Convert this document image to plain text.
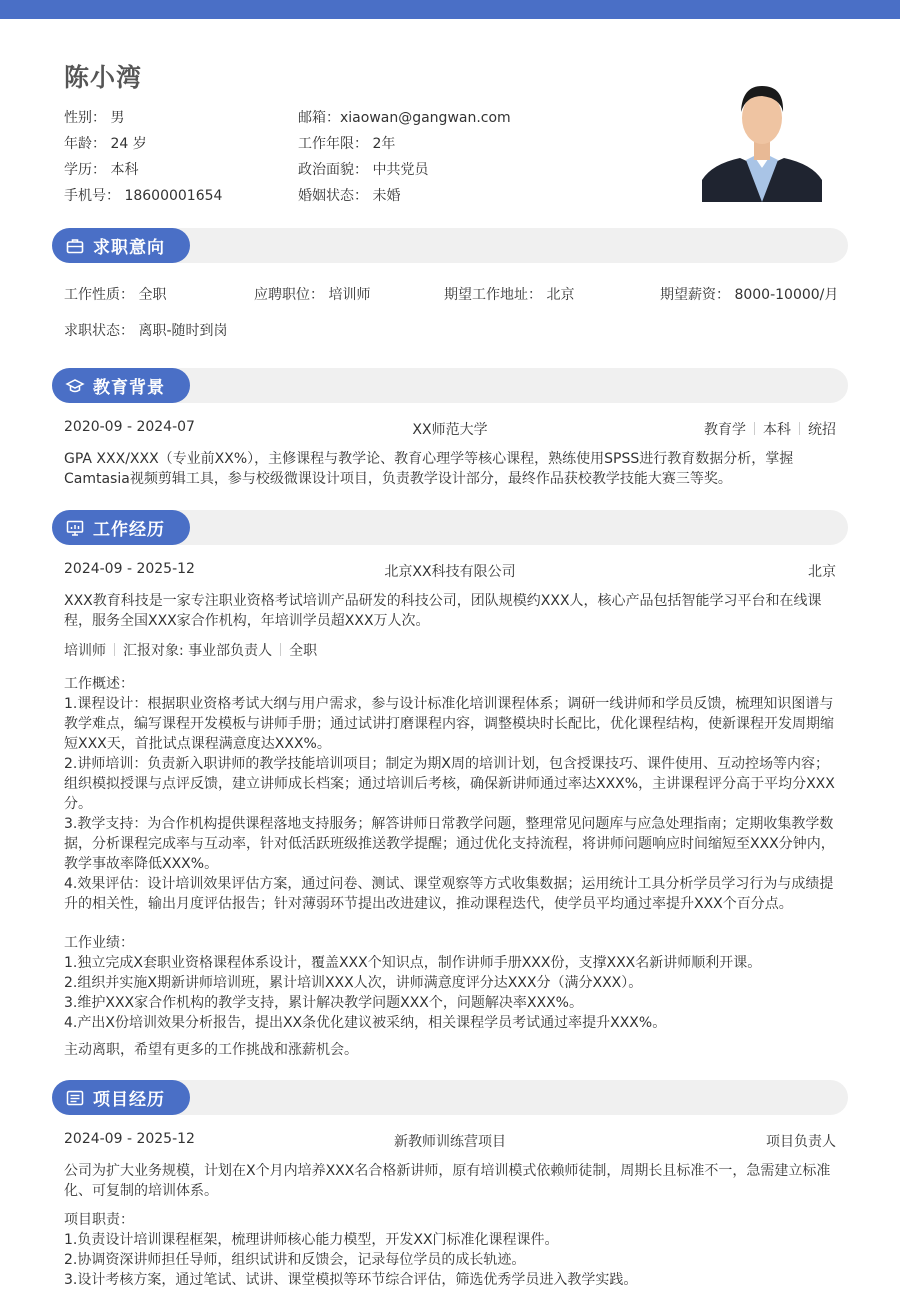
陈小湾
性别： 男
年龄： 24 岁
学历： 本科
手机号： 18600001654
邮箱：xiaowan@gangwan.com
工作年限： 2年
政治面貌： 中共党员
婚姻状态： 未婚
求职意向
工作性质： 全职	应聘职位： 培训师	期望工作地址： 北京	期望薪资： 8000-10000/月
求职状态： 离职-随时到岗
教育背景
2020-09 - 2024-07	XX师范大学	教育学 本科 统招
GPA XXX/XXX（专业前XX%），主修课程与教学论、教育心理学等核心课程，熟练使用SPSS进行教育数据分析，掌握Camtasia视频剪辑工具，参与校级微课设计项目，负责教学设计部分，最终作品获校教学技能大赛三等奖。
工作经历
2024-09 - 2025-12	北京XX科技有限公司	北京
XXX教育科技是一家专注职业资格考试培训产品研发的科技公司，团队规模约XXX人，核心产品包括智能学习平台和在线课程，服务全国XXX家合作机构，年培训学员超XXX万人次。
培训师 汇报对象: 事业部负责人 全职
工作概述：
1.课程设计：根据职业资格考试大纲与用户需求，参与设计标准化培训课程体系；调研一线讲师和学员反馈，梳理知识图谱与教学难点，编写课程开发模板与讲师手册；通过试讲打磨课程内容，调整模块时长配比，优化课程结构，使新课程开发周期缩短XXX天，首批试点课程满意度达XXX%。
2.讲师培训：负责新入职讲师的教学技能培训项目；制定为期X周的培训计划，包含授课技巧、课件使用、互动控场等内容；组织模拟授课与点评反馈，建立讲师成长档案；通过培训后考核，确保新讲师通过率达XXX%，主讲课程评分高于平均分XXX分。
3.教学支持：为合作机构提供课程落地支持服务；解答讲师日常教学问题，整理常见问题库与应急处理指南；定期收集教学数据，分析课程完成率与互动率，针对低活跃班级推送教学提醒；通过优化支持流程，将讲师问题响应时间缩短至XXX分钟内，教学事故率降低XXX%。
4.效果评估：设计培训效果评估方案，通过问卷、测试、课堂观察等方式收集数据；运用统计工具分析学员学习行为与成绩提升的相关性，输出月度评估报告；针对薄弱环节提出改进建议，推动课程迭代，使学员平均通过率提升XXX个百分点。
工作业绩：
1.独立完成X套职业资格课程体系设计，覆盖XXX个知识点，制作讲师手册XXX份，支撑XXX名新讲师顺利开课。
2.组织并实施X期新讲师培训班，累计培训XXX人次，讲师满意度评分达XXX分（满分XXX）。
3.维护XXX家合作机构的教学支持，累计解决教学问题XXX个，问题解决率XXX%。
4.产出X份培训效果分析报告，提出XX条优化建议被采纳，相关课程学员考试通过率提升XXX%。
主动离职，希望有更多的工作挑战和涨薪机会。
项目经历
2024-09 - 2025-12	新教师训练营项目	项目负责人
公司为扩大业务规模，计划在X个月内培养XXX名合格新讲师，原有培训模式依赖师徒制，周期长且标准不一，急需建立标准化、可复制的培训体系。
项目职责：
1.负责设计培训课程框架，梳理讲师核心能力模型，开发XX门标准化课程课件。
2.协调资深讲师担任导师，组织试讲和反馈会，记录每位学员的成长轨迹。
3.设计考核方案，通过笔试、试讲、课堂模拟等环节综合评估，筛选优秀学员进入教学实践。
